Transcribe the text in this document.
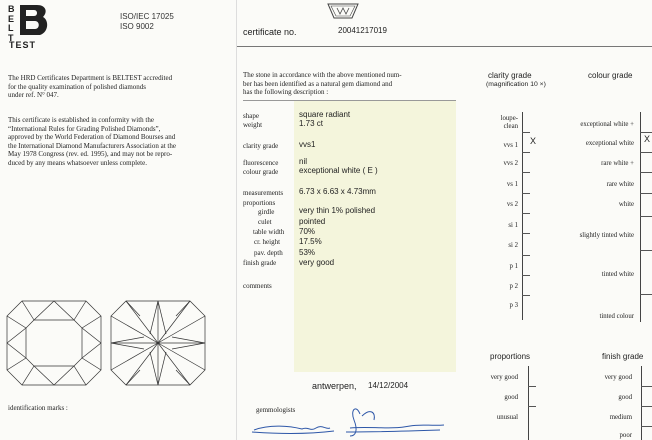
B
E
L
T
TEST
ISO/IEC 17025
ISO 9002
The HRD Certificates Department is BELTEST accredited
for the quality examination of polished diamonds
under ref. N° 047.
This certificate is established in conformity with the
“International Rules for Grading Polished Diamonds”,
approved by the World Federation of Diamond Bourses and
the International Diamond Manufacturers Association at the
May 1978 Congress (rev. ed. 1995), and may not be repro-
duced by any means whatsoever unless complete.
identification marks :
certificate no.	20041217019
The stone in accordance with the above mentioned num-
ber has been identified as a natural gem diamond and
has the following description :
shape	square radiant
weight	1.73 ct
clarity grade	vvs1
fluorescence	nil
colour grade	exceptional white ( E )
measurements 6.73 x 6.63 x 4.73mm
proportions
girdle	very thin 1% polished
culet	pointed
table width 70%
cr. height 17.5%
pav. depth 53%
finish grade	very good
comments
antwerpen, 14/12/2004
gemmologists
clarity grade
(magnification 10 ×)
loupe-
clean
vvs 1 X
vvs 2
vs 1
vs 2
si 1
si 2
p 1
p 2
p 3
colour grade
exceptional white +
exceptional white X
rare white +
rare white
white
slightly tinted white
tinted white
tinted colour
proportions
very good
good
unusual
finish grade
very good
good
medium
poor
